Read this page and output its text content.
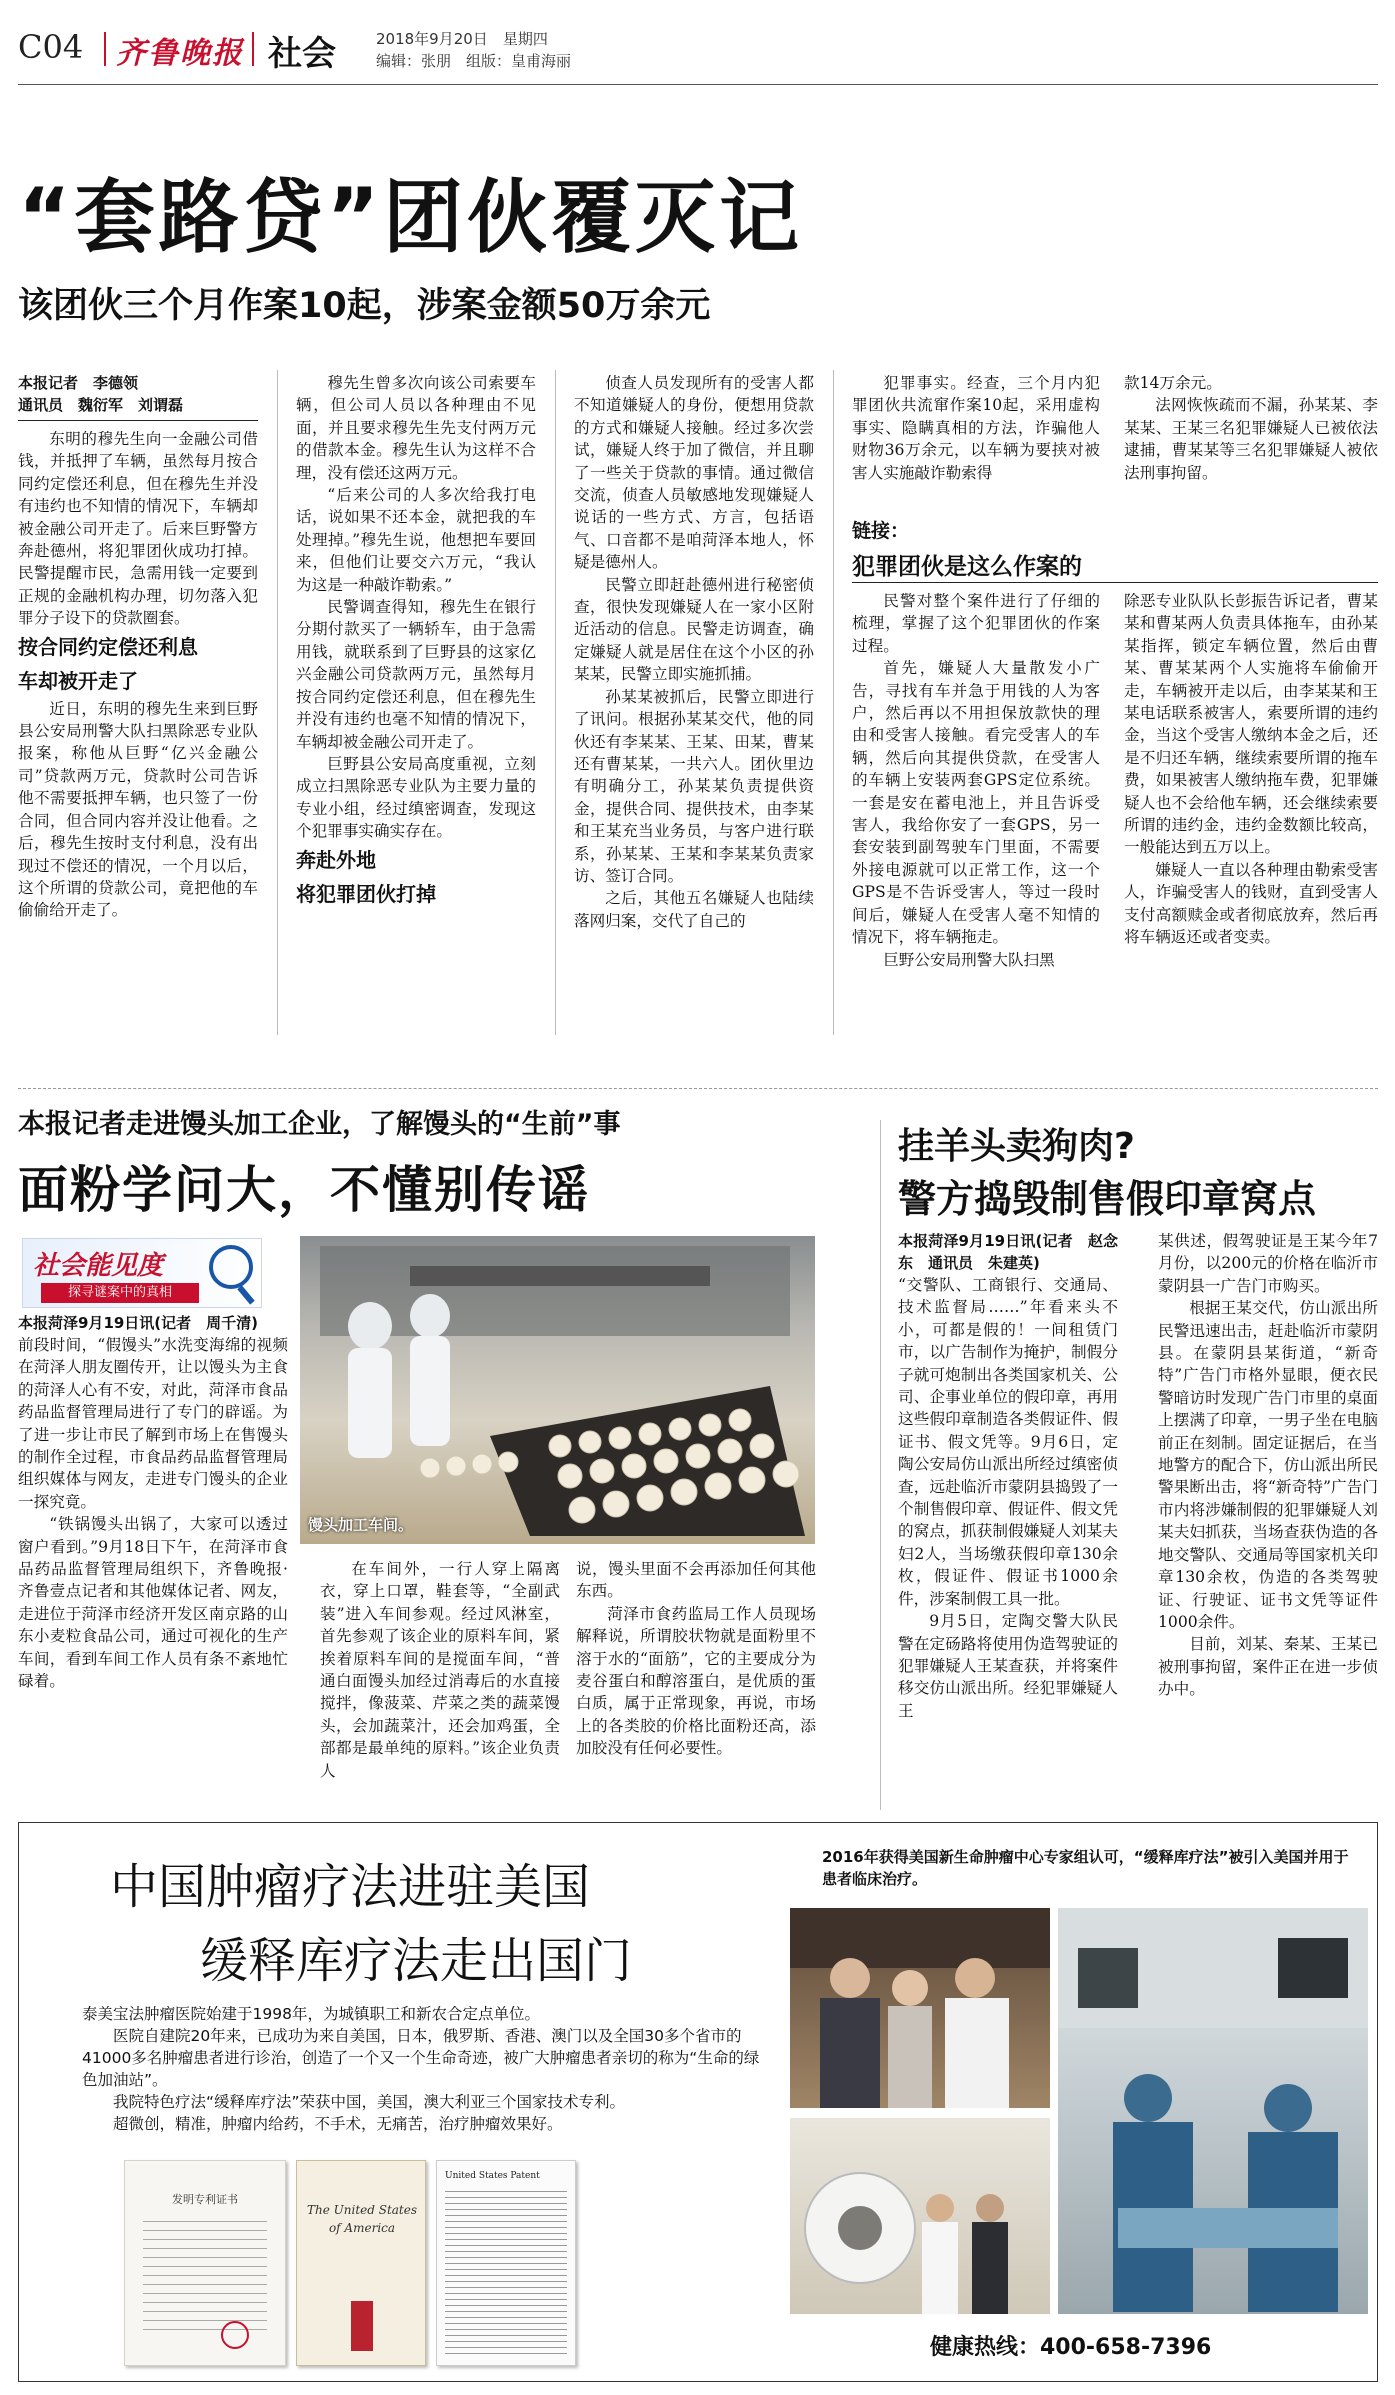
C04 齐鲁晚报 社会	2018年9月20日　 星期四
编辑：张朋　 组版：皇甫海丽
“套路贷”团伙覆灭记
该团伙三个月作案10起，涉案金额50万余元
本报记者　李德领
通讯员　魏衍军　刘谓磊

东明的穆先生向一金融公司借钱，并抵押了车辆，虽然每月按合同约定偿还利息，但在穆先生并没有违约也不知情的情况下，车辆却被金融公司开走了。后来巨野警方奔赴德州，将犯罪团伙成功打掉。民警提醒市民，急需用钱一定要到正规的金融机构办理，切勿落入犯罪分子设下的贷款圈套。

按合同约定偿还利息

车却被开走了

近日，东明的穆先生来到巨野县公安局刑警大队扫黑除恶专业队报案，称他从巨野“亿兴金融公司”贷款两万元，贷款时公司告诉他不需要抵押车辆，也只签了一份合同，但合同内容并没让他看。之后，穆先生按时支付利息，没有出现过不偿还的情况，一个月以后，这个所谓的贷款公司，竟把他的车偷偷给开走了。

穆先生曾多次向该公司索要车辆，但公司人员以各种理由不见面，并且要求穆先生先支付两万元的借款本金。穆先生认为这样不合理，没有偿还这两万元。

“后来公司的人多次给我打电话，说如果不还本金，就把我的车处理掉。”穆先生说，他想把车要回来，但他们让要交六万元，“我认为这是一种敲诈勒索。”

民警调查得知，穆先生在银行分期付款买了一辆轿车，由于急需用钱，就联系到了巨野县的这家亿兴金融公司贷款两万元，虽然每月按合同约定偿还利息，但在穆先生并没有违约也毫不知情的情况下，车辆却被金融公司开走了。

巨野县公安局高度重视，立刻成立扫黑除恶专业队为主要力量的专业小组，经过缜密调查，发现这个犯罪事实确实存在。

奔赴外地

将犯罪团伙打掉

侦查人员发现所有的受害人都不知道嫌疑人的身份，便想用贷款的方式和嫌疑人接触。经过多次尝试，嫌疑人终于加了微信，并且聊了一些关于贷款的事情。通过微信交流，侦查人员敏感地发现嫌疑人说话的一些方式、方言，包括语气、口音都不是咱菏泽本地人，怀疑是德州人。

民警立即赶赴德州进行秘密侦查，很快发现嫌疑人在一家小区附近活动的信息。民警走访调查，确定嫌疑人就是居住在这个小区的孙某某，民警立即实施抓捕。

孙某某被抓后，民警立即进行了讯问。根据孙某某交代，他的同伙还有李某某、王某、田某，曹某还有曹某某，一共六人。团伙里边有明确分工，孙某某负责提供资金，提供合同、提供技术，由李某和王某充当业务员，与客户进行联系，孙某某、王某和李某某负责家访、签订合同。

之后，其他五名嫌疑人也陆续落网归案，交代了自己的

犯罪事实。经查，三个月内犯罪团伙共流窜作案10起，采用虚构事实、隐瞒真相的方法，诈骗他人财物36万余元，以车辆为要挟对被害人实施敲诈勒索得

款14万余元。

法网恢恢疏而不漏，孙某某、李某某、王某三名犯罪嫌疑人已被依法逮捕，曹某某等三名犯罪嫌疑人被依法刑事拘留。

链接：
犯罪团伙是这么作案的

民警对整个案件进行了仔细的梳理，掌握了这个犯罪团伙的作案过程。

首先，嫌疑人大量散发小广告，寻找有车并急于用钱的人为客户，然后再以不用担保放款快的理由和受害人接触。看完受害人的车辆，然后向其提供贷款，在受害人的车辆上安装两套GPS定位系统。一套是安在蓄电池上，并且告诉受害人，我给你安了一套GPS，另一套安装到副驾驶车门里面，不需要外接电源就可以正常工作，这一个GPS是不告诉受害人，等过一段时间后，嫌疑人在受害人毫不知情的情况下，将车辆拖走。

巨野公安局刑警大队扫黑

除恶专业队队长彭振告诉记者，曹某某和曹某两人负责具体拖车，由孙某某指挥，锁定车辆位置，然后由曹某、曹某某两个人实施将车偷偷开走，车辆被开走以后，由李某某和王某电话联系被害人，索要所谓的违约金，当这个受害人缴纳本金之后，还是不归还车辆，继续索要所谓的拖车费，如果被害人缴纳拖车费，犯罪嫌疑人也不会给他车辆，还会继续索要所谓的违约金，违约金数额比较高，一般能达到五万以上。

嫌疑人一直以各种理由勒索受害人，诈骗受害人的钱财，直到受害人支付高额赎金或者彻底放弃，然后再将车辆返还或者变卖。

本报记者走进馒头加工企业，了解馒头的“生前”事
面粉学问大，不懂别传谣
社会能见度
探寻谜案中的真相

本报菏泽9月19日讯(记者　周千清)

前段时间，“假馒头”水洗变海绵的视频在菏泽人朋友圈传开，让以馒头为主食的菏泽人心有不安，对此，菏泽市食品药品监督管理局进行了专门的辟谣。为了进一步让市民了解到市场上在售馒头的制作全过程，市食品药品监督管理局组织媒体与网友，走进专门馒头的企业一探究竟。

“铁锅馒头出锅了，大家可以透过窗户看到。”9月18日下午，在菏泽市食品药品监督管理局组织下，齐鲁晚报·齐鲁壹点记者和其他媒体记者、网友，走进位于菏泽市经济开发区南京路的山东小麦粒食品公司，通过可视化的生产车间，看到车间工作人员有条不紊地忙碌着。

馒头加工车间。

在车间外，一行人穿上隔离衣，穿上口罩，鞋套等，“全副武装”进入车间参观。经过风淋室，首先参观了该企业的原料车间，紧挨着原料车间的是搅面车间，“普通白面馒头加经过消毒后的水直接搅拌，像菠菜、芹菜之类的蔬菜馒头，会加蔬菜汁，还会加鸡蛋，全部都是最单纯的原料。”该企业负责人

说，馒头里面不会再添加任何其他东西。

菏泽市食药监局工作人员现场解释说，所谓胶状物就是面粉里不溶于水的“面筋”，它的主要成分为麦谷蛋白和醇溶蛋白，是优质的蛋白质，属于正常现象，再说，市场上的各类胶的价格比面粉还高，添加胶没有任何必要性。

挂羊头卖狗肉?
警方捣毁制售假印章窝点

本报菏泽9月19日讯(记者　赵念东　通讯员　朱建英)

“交警队、工商银行、交通局、技术监督局……”年看来头不小，可都是假的！一间租赁门市，以广告制作为掩护，制假分子就可炮制出各类国家机关、公司、企事业单位的假印章，再用这些假印章制造各类假证件、假证书、假文凭等。9月6日，定陶公安局仿山派出所经过缜密侦查，远赴临沂市蒙阴县捣毁了一个制售假印章、假证件、假文凭的窝点，抓获制假嫌疑人刘某夫妇2人，当场缴获假印章130余枚，假证件、假证书1000余件，涉案制假工具一批。

9月5日，定陶交警大队民警在定砀路将使用伪造驾驶证的犯罪嫌疑人王某查获，并将案件移交仿山派出所。经犯罪嫌疑人王

某供述，假驾驶证是王某今年7月份，以200元的价格在临沂市蒙阴县一广告门市购买。

根据王某交代，仿山派出所民警迅速出击，赶赴临沂市蒙阴县。在蒙阴县某街道，“新奇特”广告门市格外显眼，便衣民警暗访时发现广告门市里的桌面上摆满了印章，一男子坐在电脑前正在刻制。固定证据后，在当地警方的配合下，仿山派出所民警果断出击，将“新奇特”广告门市内将涉嫌制假的犯罪嫌疑人刘某夫妇抓获，当场查获伪造的各地交警队、交通局等国家机关印章130余枚，伪造的各类驾驶证、行驶证、证书文凭等证件1000余件。

目前，刘某、秦某、王某已被刑事拘留，案件正在进一步侦办中。

中国肿瘤疗法进驻美国
缓释库疗法走出国门
泰美宝法肿瘤医院始建于1998年，为城镇职工和新农合定点单位。
医院自建院20年来，已成功为来自美国，日本，俄罗斯、香港、澳门以及全国30多个省市的41000多名肿瘤患者进行诊治，创造了一个又一个生命奇迹，被广大肿瘤患者亲切的称为“生命的绿色加油站”。
我院特色疗法“缓释库疗法”荣获中国，美国，澳大利亚三个国家技术专利。
超微创，精准，肿瘤内给药，不手术，无痛苦，治疗肿瘤效果好。
发明专利证书
The United States of America
United States Patent
2016年获得美国新生命肿瘤中心专家组认可，“缓释库疗法”被引入美国并用于患者临床治疗。
健康热线：400-658-7396
